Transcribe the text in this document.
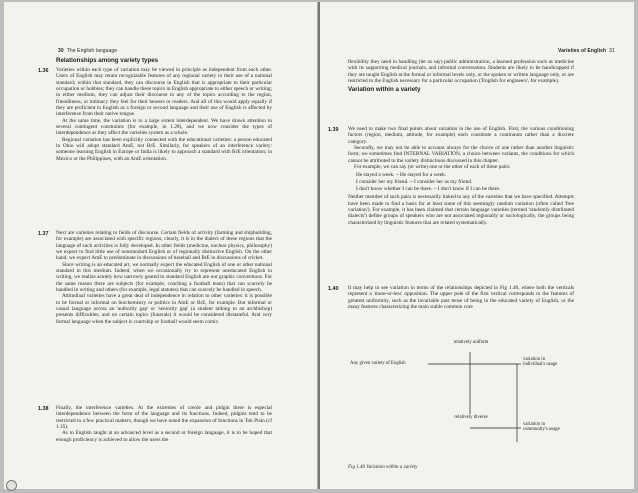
30 The English language
Relationships among variety types
1.36 Varieties within each type of variation may be viewed in principle as independent from each other. Users of English may retain recognizable features of any regional variety in their use of a national standard; within that standard, they can discourse in English that is appropriate to their particular occupation or hobbies; they can handle these topics in English appropriate to either speech or writing; in either medium, they can adjust their discourse to any of the topics according to the region, friendliness, or intimacy they feel for their hearers or readers. And all of this would apply equally if they are proficient in English as a foreign or second language and their use of English is affected by interference from their native tongue.

At the same time, the variation is to a large extent interdependent. We have drawn attention to several contingent constraints (for example, in 1.28), and we now consider the types of interdependence as they affect the varieties system as a whole.

Regional variation has been explicitly connected with the educational varieties: a person educated in Ohio will adopt standard AmE, not BrE. Similarly, for speakers of an interference variety: someone learning English in Europe or India is likely to approach a standard with BrE orientation; in Mexico or the Philippines, with an AmE orientation.

1.37 Next are varieties relating to fields of discourse. Certain fields of activity (farming and shipbuilding, for example) are associated with specific regions; clearly, it is in the dialect of these regions that the language of such activities is fully developed. In other fields (medicine, nuclear physics, philosophy) we expect to find little use of nonstandard English or of regionally distinctive English. On the other hand, we expect AmE to predominate in discussions of baseball and BrE in discussions of cricket.

Since writing is an educated art, we normally expect the educated English of one or other national standard in this medium. Indeed, when we occasionally try to represent uneducated English in writing, we realize acutely how narrowly geared to standard English are our graphic conventions. For the same reason there are subjects (for example, coaching a football team) that can scarcely be handled in writing and others (for example, legal statutes) that can scarcely be handled in speech.

Attitudinal varieties have a great deal of independence in relation to other varieties: it is possible to be formal or informal on biochemistry or politics in AmE or BrE, for example. But informal or casual language across an 'authority gap' or 'seniority gap' (a student talking to an archbishop) presents difficulties, and on certain topics (funerals) it would be considered distasteful. And very formal language when the subject is courtship or football would seem comic.

1.38 Finally, the interference varieties. At the extremes of creole and pidgin there is especial interdependence between the form of the language and its functions. Indeed, pidgins tend to be restricted to a few practical matters, though we have noted the expansion of functions in Tok Pisin (cf 1.35).

As to English taught at an advanced level as a second or foreign language, it is to be hoped that enough proficiency is achieved to allow the users the

Varieties of English 31

flexibility they need in handling (let us say) public administration, a learned profession such as medicine with its supporting medical journals, and informal conversation. Students are likely to be handicapped if they are taught English at the formal or informal levels only, or the spoken or written language only, or are restricted to the English necessary for a particular occupation ('English for engineers', for example).

Variation within a variety
1.39 We need to make two final points about variation in the use of English. First, the various conditioning factors (region, medium, attitude, for example) each constitute a continuum rather than a discrete category.

Secondly, we may not be able to account always for the choice of one rather than another linguistic form; we sometimes find INTERNAL VARIATION, a choice between variants, the conditions for which cannot be attributed to the variety distinctions discussed in this chapter.

For example, we can say (or write) one or the other of each of these pairs:

He stayed a week. ~ He stayed for a week.
I consider her my friend. ~ I consider her as my friend.
I don't know whether I can be there. ~ I don't know if I can be there.

Neither member of such pairs is necessarily linked to any of the varieties that we have specified. Attempts have been made to find a basis for at least some of this seemingly random variation (often called 'free variation'). For example, it has been claimed that certain language varieties (termed 'randomly distributed dialects') define groups of speakers who are not associated regionally or sociologically, the groups being characterized by linguistic features that are related systematically.

1.40 It may help to see variation in terms of the relationships depicted in Fig 1.40, where both the verticals represent a 'more-or-less' opposition. The upper pole of the first vertical corresponds to the features of greatest uniformity, such as the invariable past tense of being in the educated variety of English, or the many features characterizing the main stable common core

relatively uniform
Any given variety of English
relatively diverse
variation in individual's usage
variation in community's usage
Fig 1.40 Variation within a variety
